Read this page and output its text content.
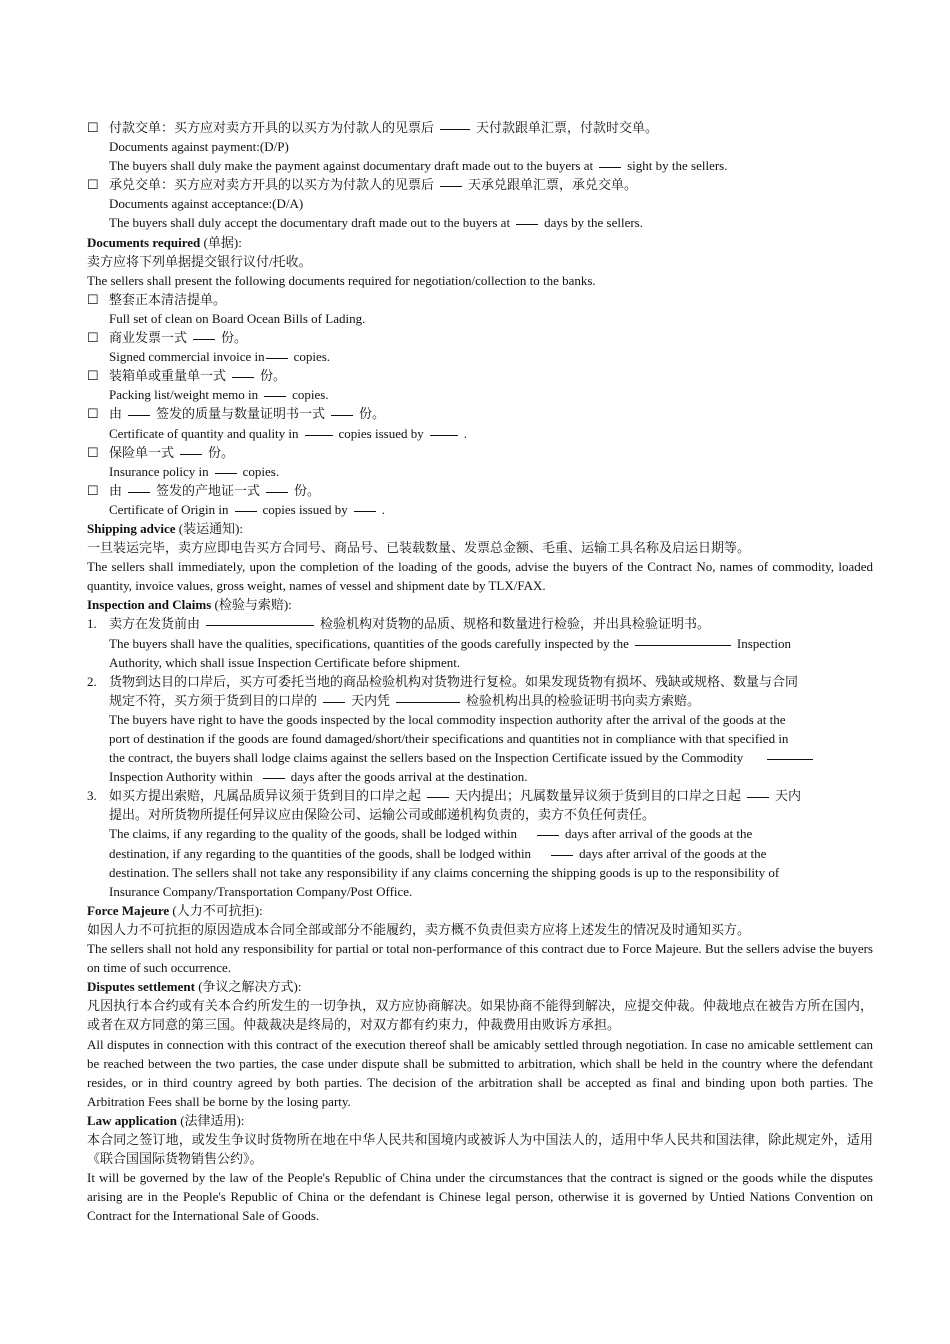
☐ 付款交单：买方应对卖方开具的以买方为付款人的见票后	天付款跟单汇票，付款时交单。
Documents against payment:(D/P)
The buyers shall duly make the payment against documentary draft made out to the buyers at	sight by the sellers.
☐ 承兑交单：买方应对卖方开具的以买方为付款人的见票后	天承兑跟单汇票，承兑交单。
Documents against acceptance:(D/A)
The buyers shall duly accept the documentary draft made out to the buyers at	days by the sellers.
Documents required (单据):
卖方应将下列单据提交银行议付/托收。
The sellers shall present the following documents required for negotiation/collection to the banks.
☐ 整套正本清洁提单。
Full set of clean on Board Ocean Bills of Lading.
☐ 商业发票一式	份。
Signed commercial invoice in copies.
☐ 装箱单或重量单一式	份。
Packing list/weight memo in	copies.
☐ 由	签发的质量与数量证明书一式	份。
Certificate of quantity and quality in	copies issued by	.
☐ 保险单一式	份。
Insurance policy in	copies.
☐ 由	签发的产地证一式	份。
Certificate of Origin in	copies issued by	.
Shipping advice (装运通知):
一旦装运完毕，卖方应即电告买方合同号、商品号、已装载数量、发票总金额、毛重、运输工具名称及启运日期等。
The sellers shall immediately, upon the completion of the loading of the goods, advise the buyers of the Contract No, names of commodity, loaded quantity, invoice values, gross weight, names of vessel and shipment date by TLX/FAX.
Inspection and Claims (检验与索赔):
1. 卖方在发货前由	检验机构对货物的品质、规格和数量进行检验，并出具检验证明书。
The buyers shall have the qualities, specifications, quantities of the goods carefully inspected by the	Inspection
Authority, which shall issue Inspection Certificate before shipment.
2. 货物到达目的口岸后，买方可委托当地的商品检验机构对货物进行复检。如果发现货物有损坏、残缺或规格、数量与合同
规定不符，买方须于货到目的口岸的	天内凭	检验机构出具的检验证明书向卖方索赔。
The buyers have right to have the goods inspected by the local commodity inspection authority after the arrival of the goods at the
port of destination if the goods are found damaged/short/their specifications and quantities not in compliance with that specified in
the contract, the buyers shall lodge claims against the sellers based on the Inspection Certificate issued by the Commodity
Inspection Authority within	days after the goods arrival at the destination.
3. 如买方提出索赔，凡属品质异议须于货到目的口岸之起	天内提出；凡属数量异议须于货到目的口岸之日起	天内
提出。对所货物所提任何异议应由保险公司、运输公司或邮递机构负责的，卖方不负任何责任。
The claims, if any regarding to the quality of the goods, shall be lodged within	days after arrival of the goods at the
destination, if any regarding to the quantities of the goods, shall be lodged within	days after arrival of the goods at the
destination. The sellers shall not take any responsibility if any claims concerning the shipping goods is up to the responsibility of
Insurance Company/Transportation Company/Post Office.
Force Majeure (人力不可抗拒):
如因人力不可抗拒的原因造成本合同全部或部分不能履约，卖方概不负责但卖方应将上述发生的情况及时通知买方。
The sellers shall not hold any responsibility for partial or total non-performance of this contract due to Force Majeure. But the sellers advise the buyers on time of such occurrence.
Disputes settlement (争议之解决方式):
凡因执行本合约或有关本合约所发生的一切争执，双方应协商解决。如果协商不能得到解决，应提交仲裁。仲裁地点在被告方所在国内，或者在双方同意的第三国。仲裁裁决是终局的，对双方都有约束力，仲裁费用由败诉方承担。
All disputes in connection with this contract of the execution thereof shall be amicably settled through negotiation. In case no amicable settlement can be reached between the two parties, the case under dispute shall be submitted to arbitration, which shall be held in the country where the defendant resides, or in third country agreed by both parties. The decision of the arbitration shall be accepted as final and binding upon both parties. The Arbitration Fees shall be borne by the losing party.
Law application (法律适用):
本合同之签订地，或发生争议时货物所在地在中华人民共和国境内或被诉人为中国法人的，适用中华人民共和国法律，除此规定外，适用《联合国国际货物销售公约》。
It will be governed by the law of the People's Republic of China under the circumstances that the contract is signed or the goods while the disputes arising are in the People's Republic of China or the defendant is Chinese legal person, otherwise it is governed by Untied Nations Convention on Contract for the International Sale of Goods.
